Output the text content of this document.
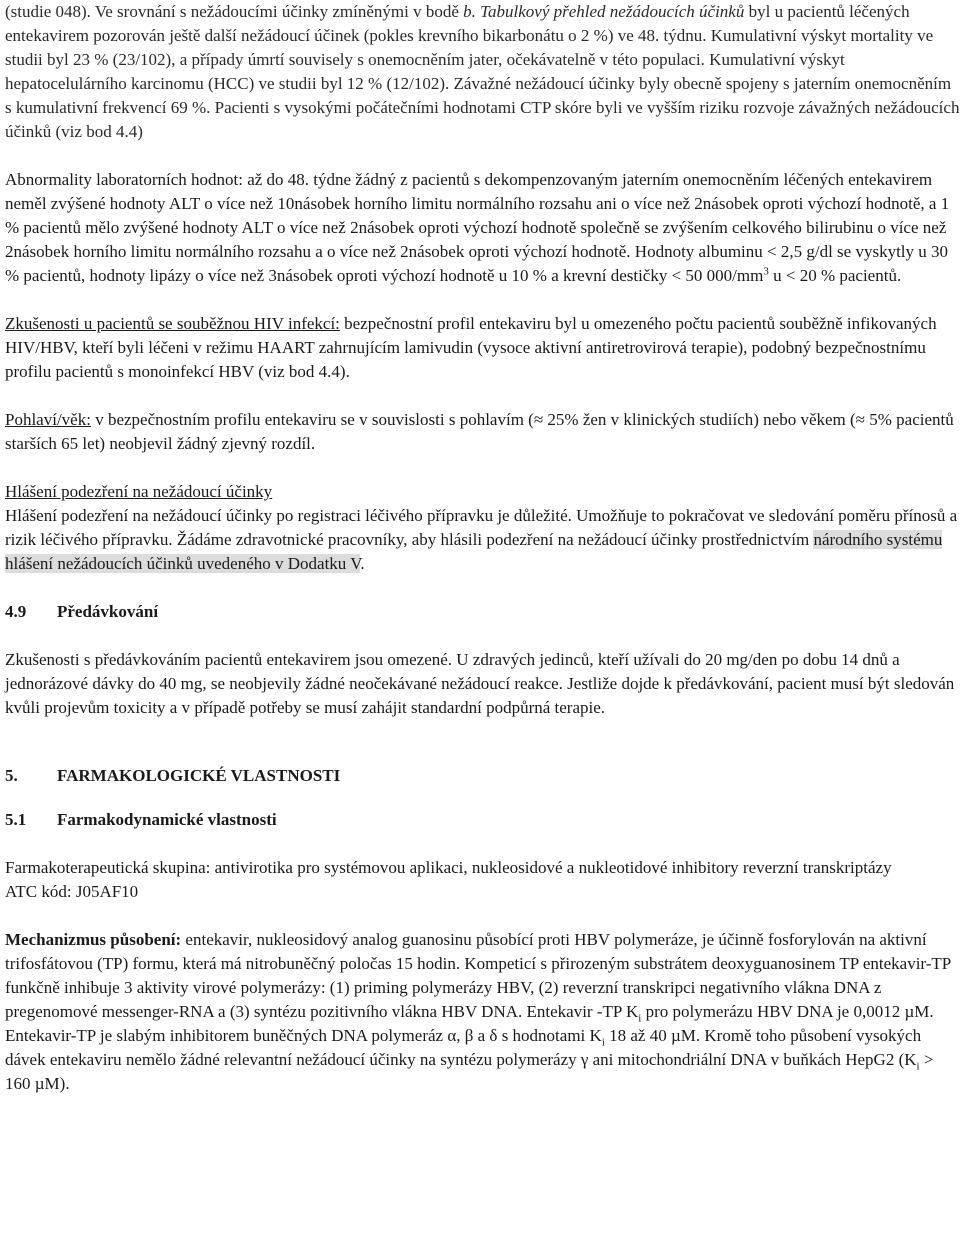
(studie 048). Ve srovnání s nežádoucími účinky zmíněnými v bodě b. Tabulkový přehled nežádoucích účinků byl u pacientů léčených entekavirem pozorován ještě další nežádoucí účinek (pokles krevního bikarbonátu o 2 %) ve 48. týdnu. Kumulativní výskyt mortality ve studii byl 23 % (23/102), a případy úmrtí souvisely s onemocněním jater, očekávatelně v této populaci. Kumulativní výskyt hepatocelulárního karcinomu (HCC) ve studii byl 12 % (12/102). Závažné nežádoucí účinky byly obecně spojeny s jaterním onemocněním s kumulativní frekvencí 69 %. Pacienti s vysokými počátečními hodnotami CTP skóre byli ve vyšším riziku rozvoje závažných nežádoucích účinků (viz bod 4.4)

Abnormality laboratorních hodnot: až do 48. týdne žádný z pacientů s dekompenzovaným jaterním onemocněním léčených entekavirem neměl zvýšené hodnoty ALT o více než 10násobek horního limitu normálního rozsahu ani o více než 2násobek oproti výchozí hodnotě, a 1 % pacientů mělo zvýšené hodnoty ALT o více než 2násobek oproti výchozí hodnotě společně se zvýšením celkového bilirubinu o více než 2násobek horního limitu normálního rozsahu a o více než 2násobek oproti výchozí hodnotě. Hodnoty albuminu < 2,5 g/dl se vyskytly u 30 % pacientů, hodnoty lipázy o více než 3násobek oproti výchozí hodnotě u 10 % a krevní destičky < 50 $000/mm^3$ u < 20 % pacientů.

Zkušenosti u pacientů se souběžnou HIV infekcí: bezpečnostní profil entekaviru byl u omezeného počtu pacientů souběžně infikovaných HIV/HBV, kteří byli léčeni v režimu HAART zahrnujícím lamivudin (vysoce aktivní antiretrovirová terapie), podobný bezpečnostnímu profilu pacientů s monoinfekcí HBV (viz bod 4.4).

Pohlaví/věk: v bezpečnostním profilu entekaviru se v souvislosti s pohlavím (≈ 25% žen v klinických studiích) nebo věkem (≈ 5% pacientů starších 65 let) neobjevil žádný zjevný rozdíl.

Hlášení podezření na nežádoucí účinky

Hlášení podezření na nežádoucí účinky po registraci léčivého přípravku je důležité. Umožňuje to pokračovat ve sledování poměru přínosů a rizik léčivého přípravku. Žádáme zdravotnické pracovníky, aby hlásili podezření na nežádoucí účinky prostřednictvím národního systému hlášení nežádoucích účinků uvedeného v Dodatku V.

4.9 Předávkování

Zkušenosti s předávkováním pacientů entekavirem jsou omezené. U zdravých jedinců, kteří užívali do 20 mg/den po dobu 14 dnů a jednorázové dávky do 40 mg, se neobjevily žádné neočekávané nežádoucí reakce. Jestliže dojde k předávkování, pacient musí být sledován kvůli projevům toxicity a v případě potřeby se musí zahájit standardní podpůrná terapie.

5. FARMAKOLOGICKÉ VLASTNOSTI

5.1 Farmakodynamické vlastnosti

Farmakoterapeutická skupina: antivirotika pro systémovou aplikaci, nukleosidové a nukleotidové inhibitory reverzní transkriptázy

ATC kód: J05AF10

Mechanizmus působení: entekavir, nukleosidový analog guanosinu působící proti HBV polymeráze, je účinně fosforylován na aktivní trifosfátovou (TP) formu, která má nitrobuněčný poločas 15 hodin. Kompeticí s přirozeným substrátem deoxyguanosinem TP entekavir-TP funkčně inhibuje 3 aktivity virové polymerázy: (1) priming polymerázy HBV, (2) reverzní transkripci negativního vlákna DNA z pregenomové messenger-RNA a (3) syntézu pozitivního vlákna HBV DNA. Entekavir -TP $K_i$ pro polymerázu HBV DNA je 0,0012 µM. Entekavir-TP je slabým inhibitorem buněčných DNA polymeráz α, β a δ s hodnotami $K_i$ 18 až 40 µM. Kromě toho působení vysokých dávek entekaviru nemělo žádné relevantní nežádoucí účinky na syntézu polymerázy γ ani mitochondriální DNA v buňkách HepG2 ($K_i > 160$ µM).
